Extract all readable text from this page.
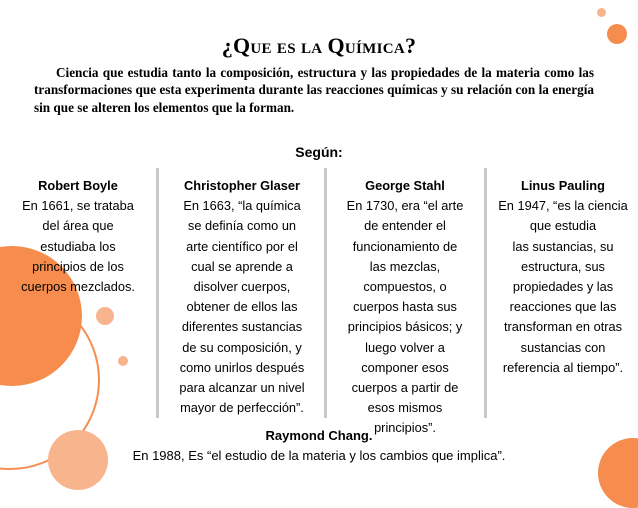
¿QUE ES LA QUÍMICA?
Ciencia que estudia tanto la composición, estructura y las propiedades de la materia como las transformaciones que esta experimenta durante las reacciones químicas y su relación con la energía sin que se alteren los elementos que la forman.
Según:
Robert Boyle
En 1661, se trataba
del área que
estudiaba los
principios de los
cuerpos mezclados.
Christopher Glaser
En 1663, “la química
se definía como un
arte científico por el
cual se aprende a
disolver cuerpos,
obtener de ellos las
diferentes sustancias
de su composición, y
como unirlos después
para alcanzar un nivel
mayor de perfección”.
George Stahl
En 1730, era “el arte
de entender el
funcionamiento de
las mezclas,
compuestos, o
cuerpos hasta sus
principios básicos; y
luego volver a
componer esos
cuerpos a partir de
esos mismos
principios”.
Linus Pauling
En 1947, “es la ciencia
que estudia
las sustancias, su
estructura, sus
propiedades y las
reacciones que las
transforman en otras
sustancias con
referencia al tiempo”.
Raymond Chang.
En 1988, Es “el estudio de la materia y los cambios que implica”.
